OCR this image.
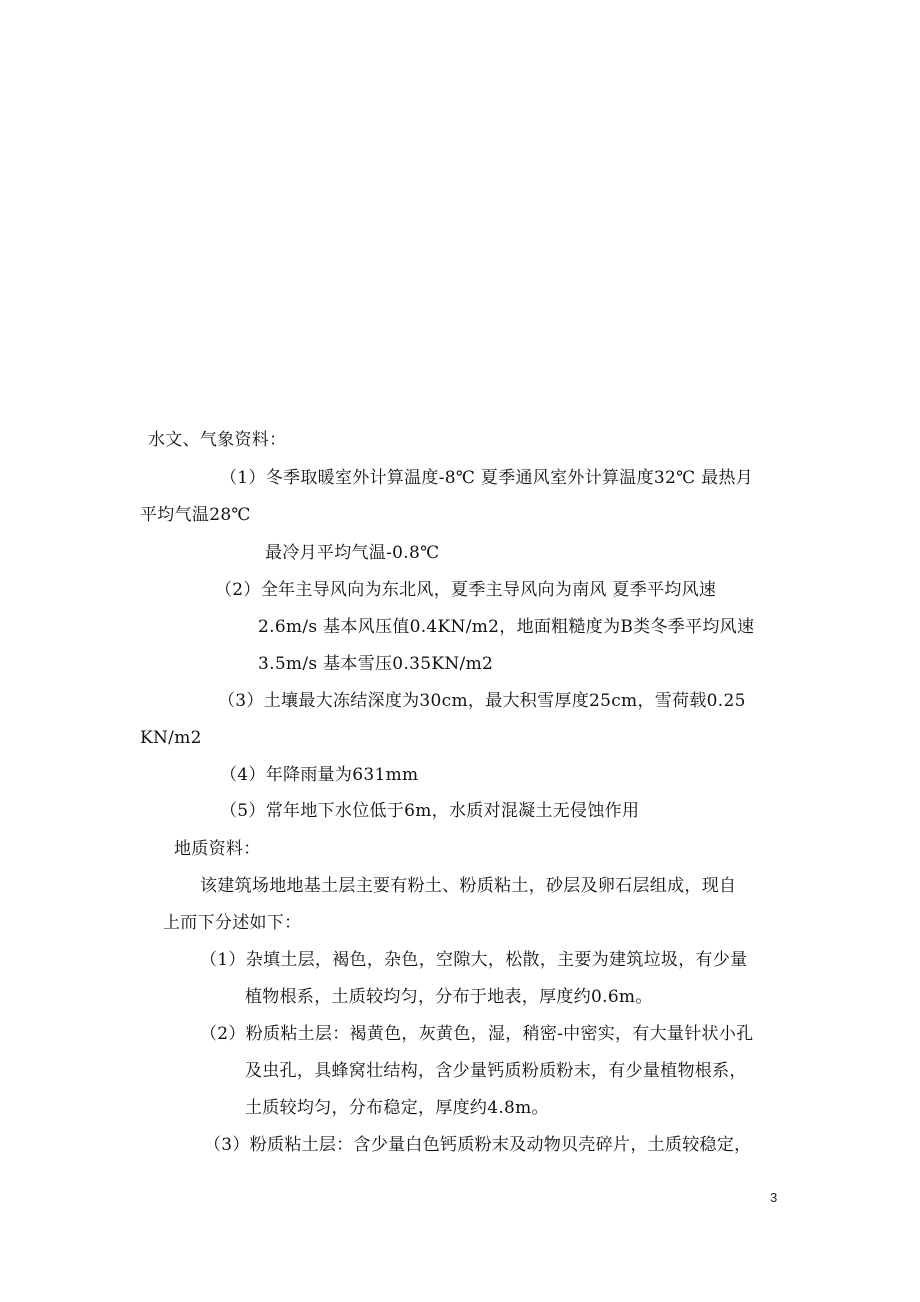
水文、气象资料：
（1）冬季取暖室外计算温度-8℃ 夏季通风室外计算温度32℃ 最热月
平均气温28℃
最冷月平均气温-0.8℃
（2）全年主导风向为东北风，夏季主导风向为南风 夏季平均风速
2.6m/s 基本风压值0.4KN/m2，地面粗糙度为B类冬季平均风速
3.5m/s 基本雪压0.35KN/m2
（3）土壤最大冻结深度为30cm，最大积雪厚度25cm，雪荷载0.25
KN/m2
（4）年降雨量为631mm
（5）常年地下水位低于6m，水质对混凝土无侵蚀作用
地质资料：
该建筑场地地基土层主要有粉土、粉质粘土，砂层及卵石层组成，现自
上而下分述如下：
（1）杂填土层，褐色，杂色，空隙大，松散，主要为建筑垃圾，有少量
植物根系，土质较均匀，分布于地表，厚度约0.6m。
（2）粉质粘土层：褐黄色，灰黄色，湿，稍密-中密实，有大量针状小孔
及虫孔，具蜂窝壮结构，含少量钙质粉质粉末，有少量植物根系，
土质较均匀，分布稳定，厚度约4.8m。
（3）粉质粘土层：含少量白色钙质粉末及动物贝壳碎片，土质较稳定，
3
